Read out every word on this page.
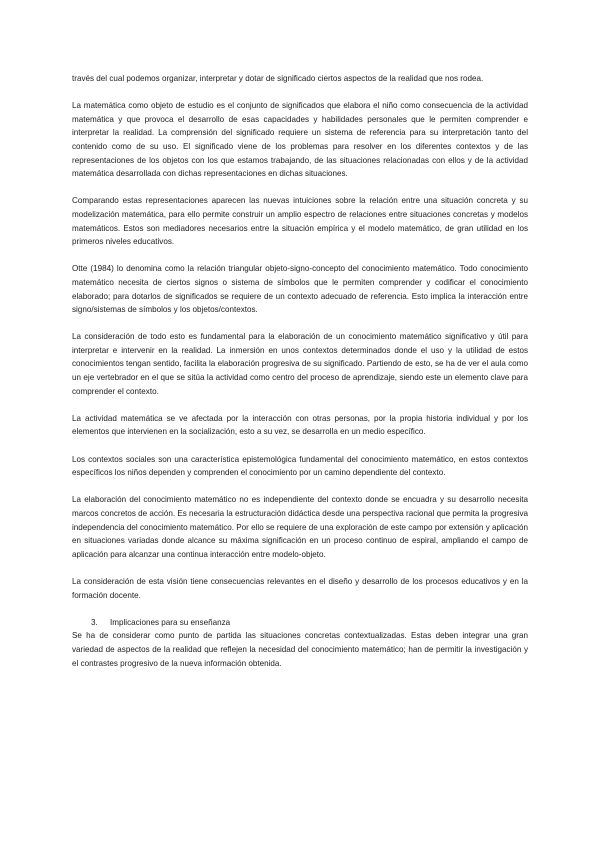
través del cual podemos organizar, interpretar y dotar de significado ciertos aspectos de la realidad que nos rodea.

La matemática como objeto de estudio es el conjunto de significados que elabora el niño como consecuencia de la actividad matemática y que provoca el desarrollo de esas capacidades y habilidades personales que le permiten comprender e interpretar la realidad. La comprensión del significado requiere un sistema de referencia para su interpretación tanto del contenido como de su uso. El significado viene de los problemas para resolver en los diferentes contextos y de las representaciones de los objetos con los que estamos trabajando, de las situaciones relacionadas con ellos y de la actividad matemática desarrollada con dichas representaciones en dichas situaciones.

Comparando estas representaciones aparecen las nuevas intuiciones sobre la relación entre una situación concreta y su modelización matemática, para ello permite construir un amplio espectro de relaciones entre situaciones concretas y modelos matemáticos. Estos son mediadores necesarios entre la situación empírica y el modelo matemático, de gran utilidad en los primeros niveles educativos.

Otte (1984) lo denomina como la relación triangular objeto-signo-concepto del conocimiento matemático. Todo conocimiento matemático necesita de ciertos signos o sistema de símbolos que le permiten comprender y codificar el conocimiento elaborado; para dotarlos de significados se requiere de un contexto adecuado de referencia. Esto implica la interacción entre signo/sistemas de símbolos y los objetos/contextos.

La consideración de todo esto es fundamental para la elaboración de un conocimiento matemático significativo y útil para interpretar e intervenir en la realidad. La inmersión en unos contextos determinados donde el uso y la utilidad de estos conocimientos tengan sentido, facilita la elaboración progresiva de su significado. Partiendo de esto, se ha de ver el aula como un eje vertebrador en el que se sitúa la actividad como centro del proceso de aprendizaje, siendo este un elemento clave para comprender el contexto.

La actividad matemática se ve afectada por la interacción con otras personas, por la propia historia individual y por los elementos que intervienen en la socialización, esto a su vez, se desarrolla en un medio específico.

Los contextos sociales son una característica epistemológica fundamental del conocimiento matemático, en estos contextos específicos los niños dependen y comprenden el conocimiento por un camino dependiente del contexto.

La elaboración del conocimiento matemático no es independiente del contexto donde se encuadra y su desarrollo necesita marcos concretos de acción. Es necesaria la estructuración didáctica desde una perspectiva racional que permita la progresiva independencia del conocimiento matemático. Por ello se requiere de una exploración de este campo por extensión y aplicación en situaciones variadas donde alcance su máxima significación en un proceso continuo de espiral, ampliando el campo de aplicación para alcanzar una continua interacción entre modelo-objeto.

La consideración de esta visión tiene consecuencias relevantes en el diseño y desarrollo de los procesos educativos y en la formación docente.

3. Implicaciones para su enseñanza

Se ha de considerar como punto de partida las situaciones concretas contextualizadas. Estas deben integrar una gran variedad de aspectos de la realidad que reflejen la necesidad del conocimiento matemático; han de permitir la investigación y el contrastes progresivo de la nueva información obtenida.
